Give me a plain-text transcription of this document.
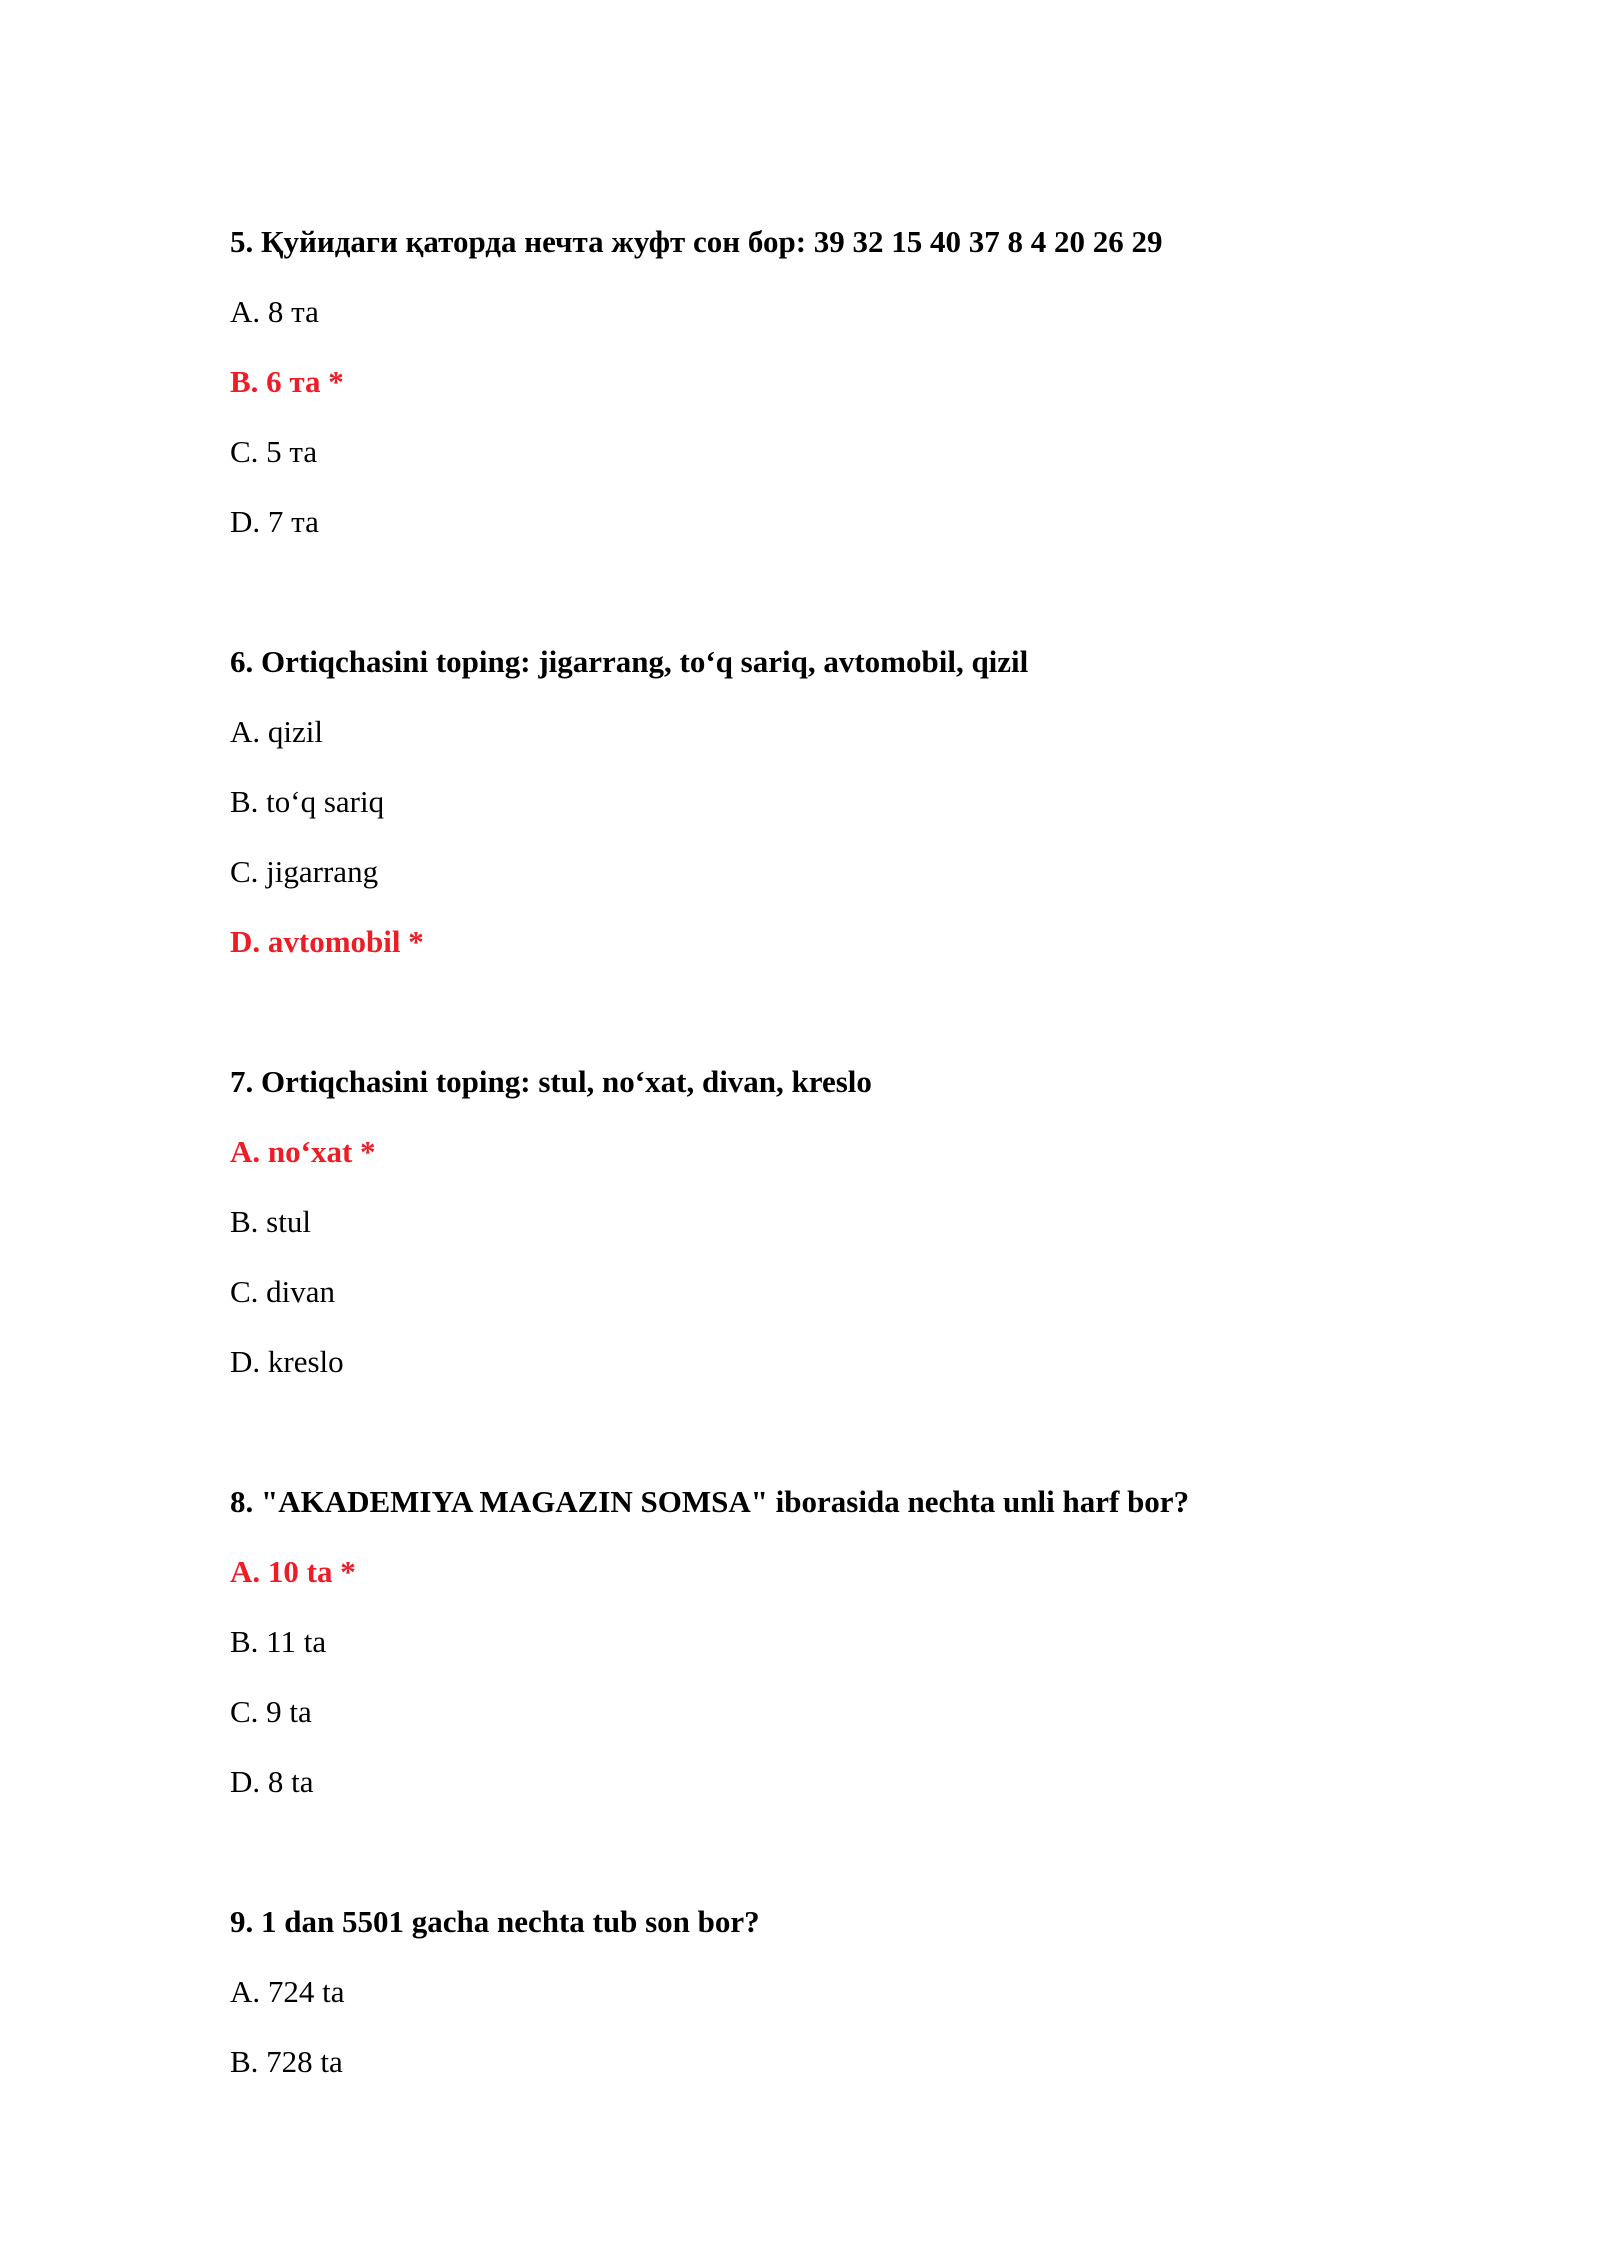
5. Қуйидаги қаторда нечта жуфт сон бор: 39 32 15 40 37 8 4 20 26 29
A. 8 та
B. 6 та *
C. 5 та
D. 7 та
6. Ortiqchasini toping: jigarrang, to‘q sariq, avtomobil, qizil
A. qizil
B. to‘q sariq
C. jigarrang
D. avtomobil *
7. Ortiqchasini toping: stul, no‘xat, divan, kreslo
A. no‘xat *
B. stul
C. divan
D. kreslo
8. "AKADEMIYA MAGAZIN SOMSA" iborasida nechta unli harf bor?
A. 10 ta *
B. 11 ta
C. 9 ta
D. 8 ta
9. 1 dan 5501 gacha nechta tub son bor?
A. 724 ta
B. 728 ta
